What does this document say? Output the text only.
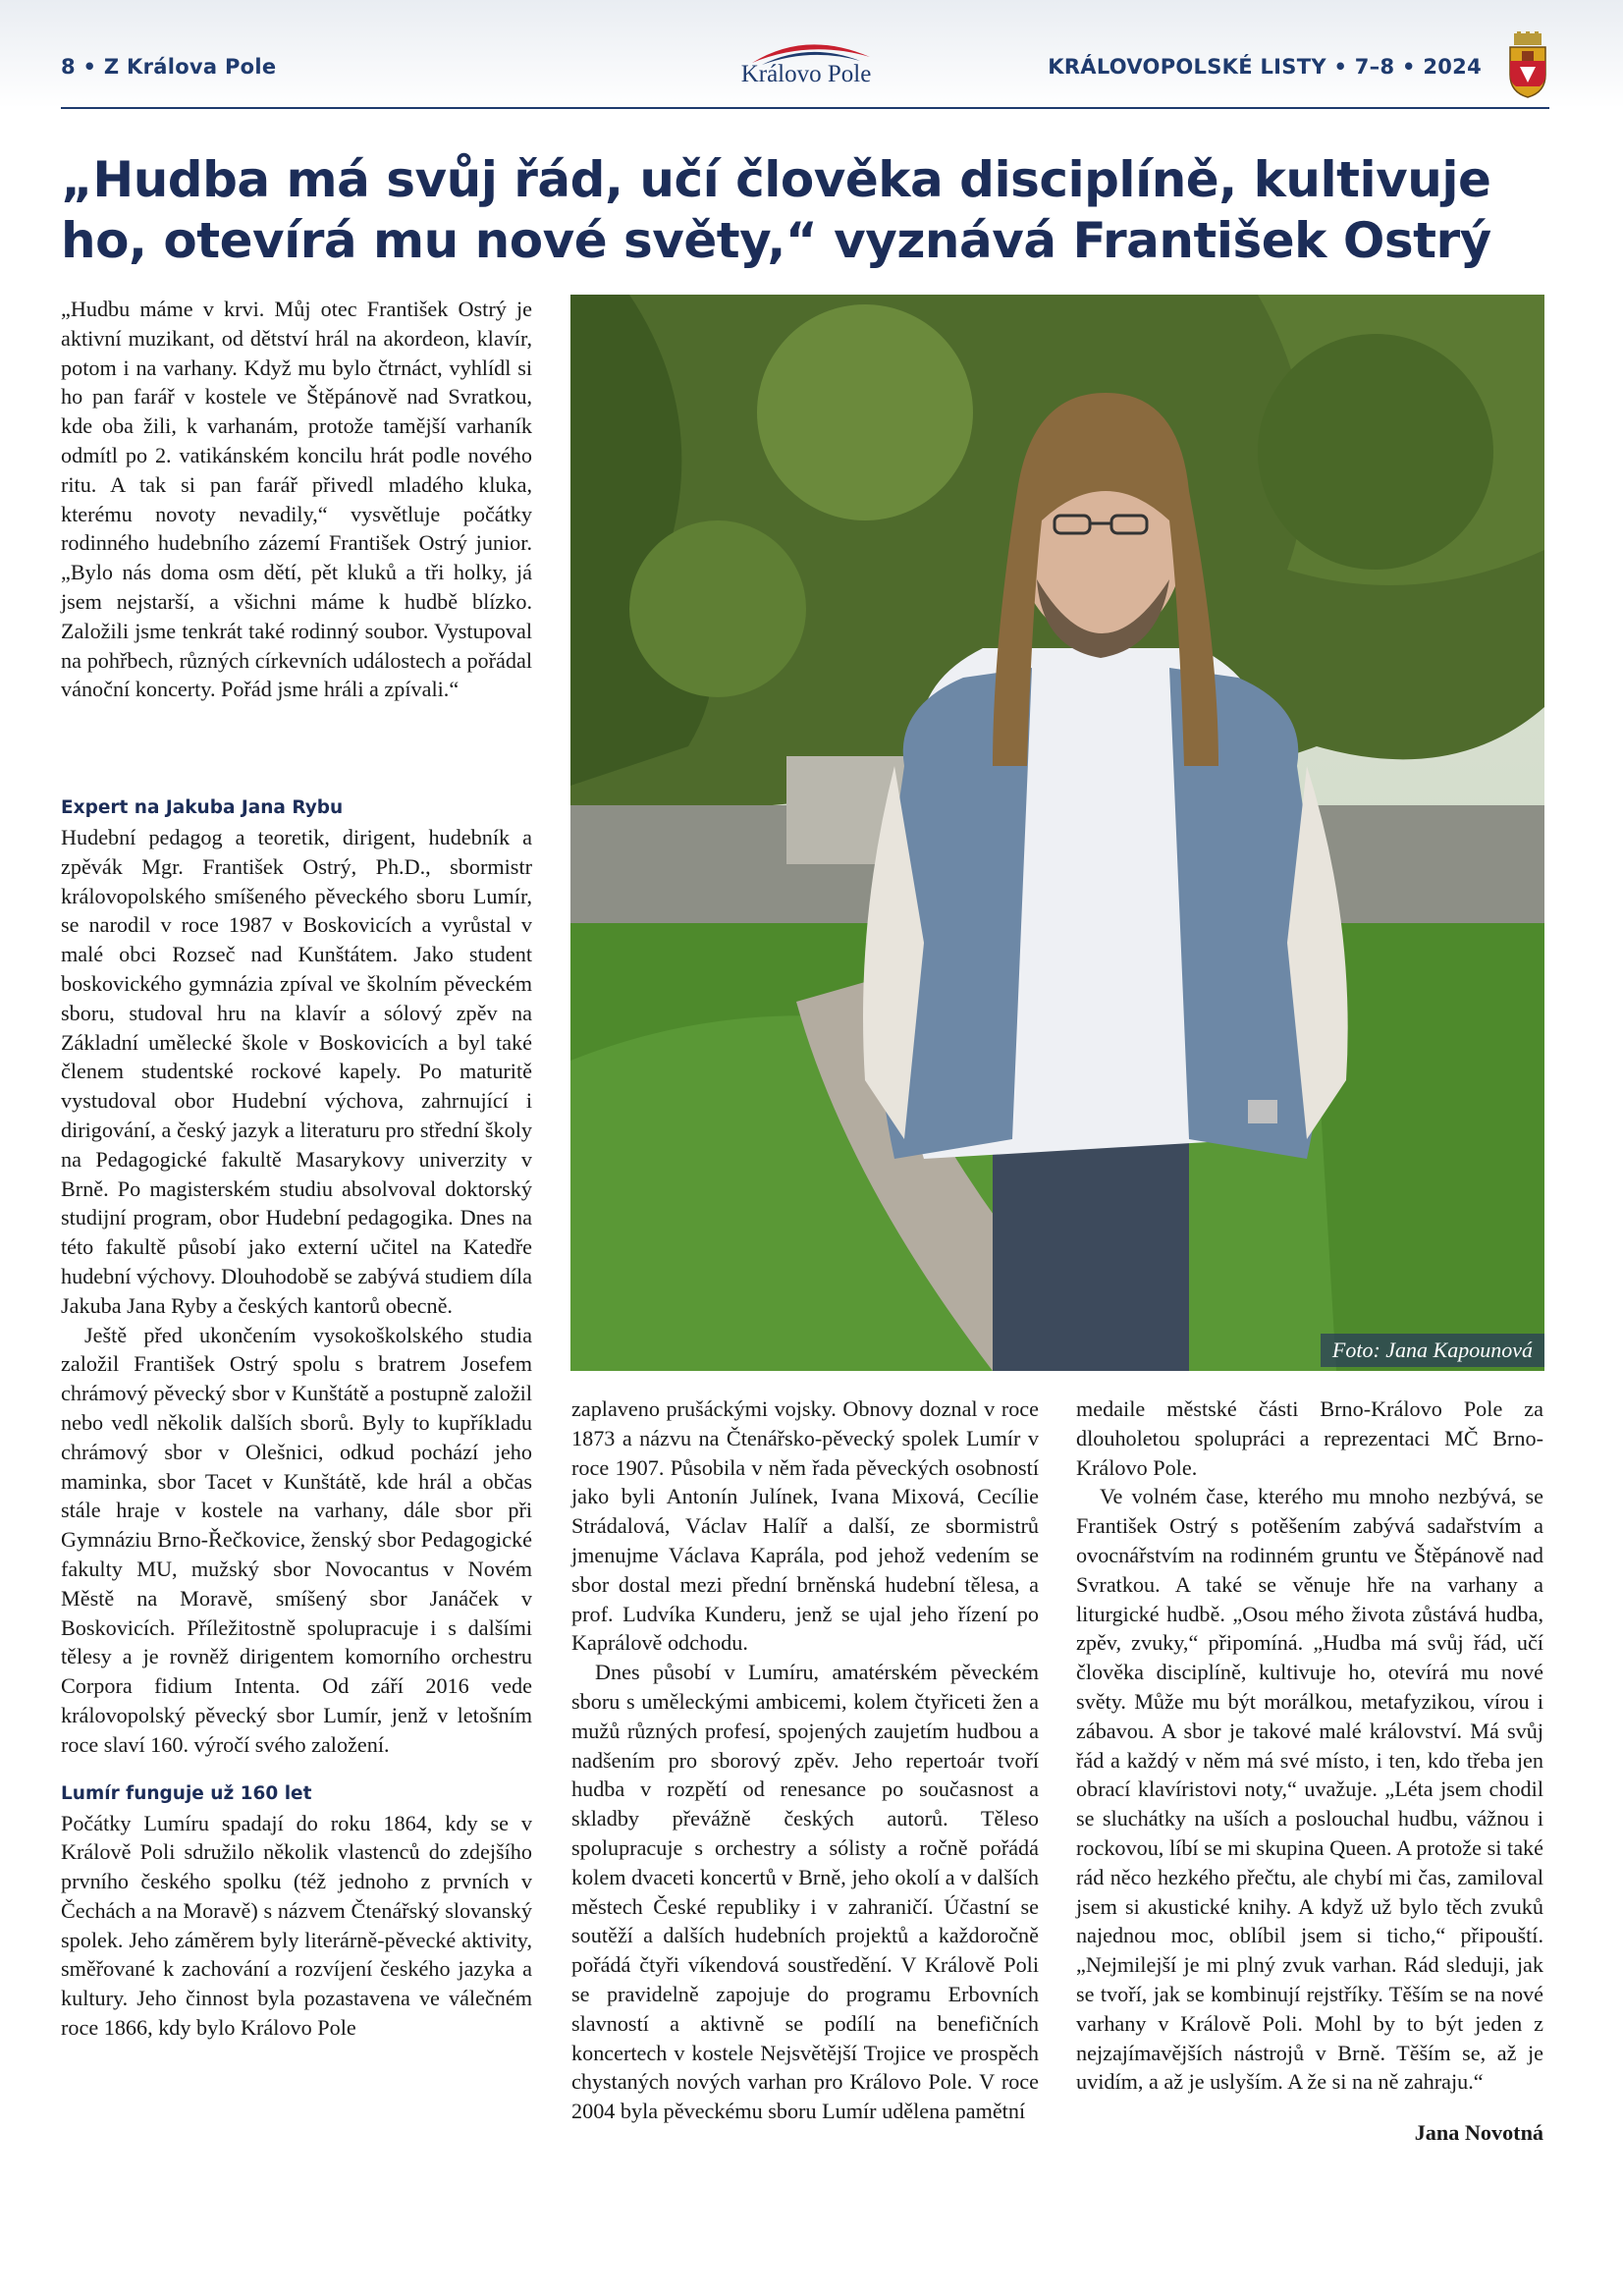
8 • Z Králova Pole	Královo Pole	KRÁLOVOPOLSKÉ LISTY • 7–8 • 2024
„Hudba má svůj řád, učí člověka disciplíně, kultivuje ho, otevírá mu nové světy,“ vyznává František Ostrý

„Hudbu máme v krvi. Můj otec František Ostrý je aktivní muzikant, od dětství hrál na akordeon, klavír, potom i na varhany. Když mu bylo čtrnáct, vyhlídl si ho pan farář v kostele ve Štěpánově nad Svratkou, kde oba žili, k varhanám, protože tamější varhaník odmítl po 2. vatikánském koncilu hrát podle nového ritu. A tak si pan farář přivedl mladého kluka, kterému novoty nevadily,“ vysvětluje počátky rodinného hudebního zázemí František Ostrý junior. „Bylo nás doma osm dětí, pět kluků a tři holky, já jsem nejstarší, a všichni máme k hudbě blízko. Založili jsme tenkrát také rodinný soubor. Vystupoval na pohřbech, různých církevních událostech a pořádal vánoční koncerty. Pořád jsme hráli a zpívali.“

Expert na Jakuba Jana Rybu

Hudební pedagog a teoretik, dirigent, hudebník a zpěvák Mgr. František Ostrý, Ph.D., sbormistr královopolského smíšeného pěveckého sboru Lumír, se narodil v roce 1987 v Boskovicích a vyrůstal v malé obci Rozseč nad Kunštátem. Jako student boskovického gymnázia zpíval ve školním pěveckém sboru, studoval hru na klavír a sólový zpěv na Základní umělecké škole v Boskovicích a byl také členem studentské rockové kapely. Po maturitě vystudoval obor Hudební výchova, zahrnující i dirigování, a český jazyk a literaturu pro střední školy na Pedagogické fakultě Masarykovy univerzity v Brně. Po magisterském studiu absolvoval doktorský studijní program, obor Hudební pedagogika. Dnes na této fakultě působí jako externí učitel na Katedře hudební výchovy. Dlouhodobě se zabývá studiem díla Jakuba Jana Ryby a českých kantorů obecně.

Ještě před ukončením vysokoškolského studia založil František Ostrý spolu s bratrem Josefem chrámový pěvecký sbor v Kunštátě a postupně založil nebo vedl několik dalších sborů. Byly to kupříkladu chrámový sbor v Olešnici, odkud pochází jeho maminka, sbor Tacet v Kunštátě, kde hrál a občas stále hraje v kostele na varhany, dále sbor při Gymnáziu Brno-Řečkovice, ženský sbor Pedagogické fakulty MU, mužský sbor Novocantus v Novém Městě na Moravě, smíšený sbor Janáček v Boskovicích. Příležitostně spolupracuje i s dalšími tělesy a je rovněž dirigentem komorního orchestru Corpora fidium Intenta. Od září 2016 vede královopolský pěvecký sbor Lumír, jenž v letošním roce slaví 160. výročí svého založení.

Lumír funguje už 160 let

Počátky Lumíru spadají do roku 1864, kdy se v Králově Poli sdružilo několik vlastenců do zdejšího prvního českého spolku (též jednoho z prvních v Čechách a na Moravě) s názvem Čtenářský slovanský spolek. Jeho záměrem byly literárně-pěvecké aktivity, směřované k zachování a rozvíjení českého jazyka a kultury. Jeho činnost byla pozastavena ve válečném roce 1866, kdy bylo Královo Pole

Foto: Jana Kapounová

zaplaveno prušáckými vojsky. Obnovy doznal v roce 1873 a názvu na Čtenářsko-pěvecký spolek Lumír v roce 1907. Působila v něm řada pěveckých osobností jako byli Antonín Julínek, Ivana Mixová, Cecílie Strádalová, Václav Halíř a další, ze sbormistrů jmenujme Václava Kaprála, pod jehož vedením se sbor dostal mezi přední brněnská hudební tělesa, a prof. Ludvíka Kunderu, jenž se ujal jeho řízení po Kaprálově odchodu.

Dnes působí v Lumíru, amatérském pěveckém sboru s uměleckými ambicemi, kolem čtyřiceti žen a mužů různých profesí, spojených zaujetím hudbou a nadšením pro sborový zpěv. Jeho repertoár tvoří hudba v rozpětí od renesance po současnost a skladby převážně českých autorů. Těleso spolupracuje s orchestry a sólisty a ročně pořádá kolem dvaceti koncertů v Brně, jeho okolí a v dalších městech České republiky i v zahraničí. Účastní se soutěží a dalších hudebních projektů a každoročně pořádá čtyři víkendová soustředění. V Králově Poli se pravidelně zapojuje do programu Erbovních slavností a aktivně se podílí na benefičních koncertech v kostele Nejsvětější Trojice ve prospěch chystaných nových varhan pro Královo Pole. V roce 2004 byla pěveckému sboru Lumír udělena pamětní

medaile městské části Brno-Královo Pole za dlouholetou spolupráci a reprezentaci MČ Brno-Královo Pole.

Ve volném čase, kterého mu mnoho nezbývá, se František Ostrý s potěšením zabývá sadařstvím a ovocnářstvím na rodinném gruntu ve Štěpánově nad Svratkou. A také se věnuje hře na varhany a liturgické hudbě. „Osou mého života zůstává hudba, zpěv, zvuky,“ připomíná. „Hudba má svůj řád, učí člověka disciplíně, kultivuje ho, otevírá mu nové světy. Může mu být morálkou, metafyzikou, vírou i zábavou. A sbor je takové malé království. Má svůj řád a každý v něm má své místo, i ten, kdo třeba jen obrací klavíristovi noty,“ uvažuje. „Léta jsem chodil se sluchátky na uších a poslouchal hudbu, vážnou i rockovou, líbí se mi skupina Queen. A protože si také rád něco hezkého přečtu, ale chybí mi čas, zamiloval jsem si akustické knihy. A když už bylo těch zvuků najednou moc, oblíbil jsem si ticho,“ připouští. „Nejmilejší je mi plný zvuk varhan. Rád sleduji, jak se tvoří, jak se kombinují rejstříky. Těším se na nové varhany v Králově Poli. Mohl by to být jeden z nejzajímavějších nástrojů v Brně. Těším se, až je uvidím, a až je uslyším. A že si na ně zahraju.“

Jana Novotná
